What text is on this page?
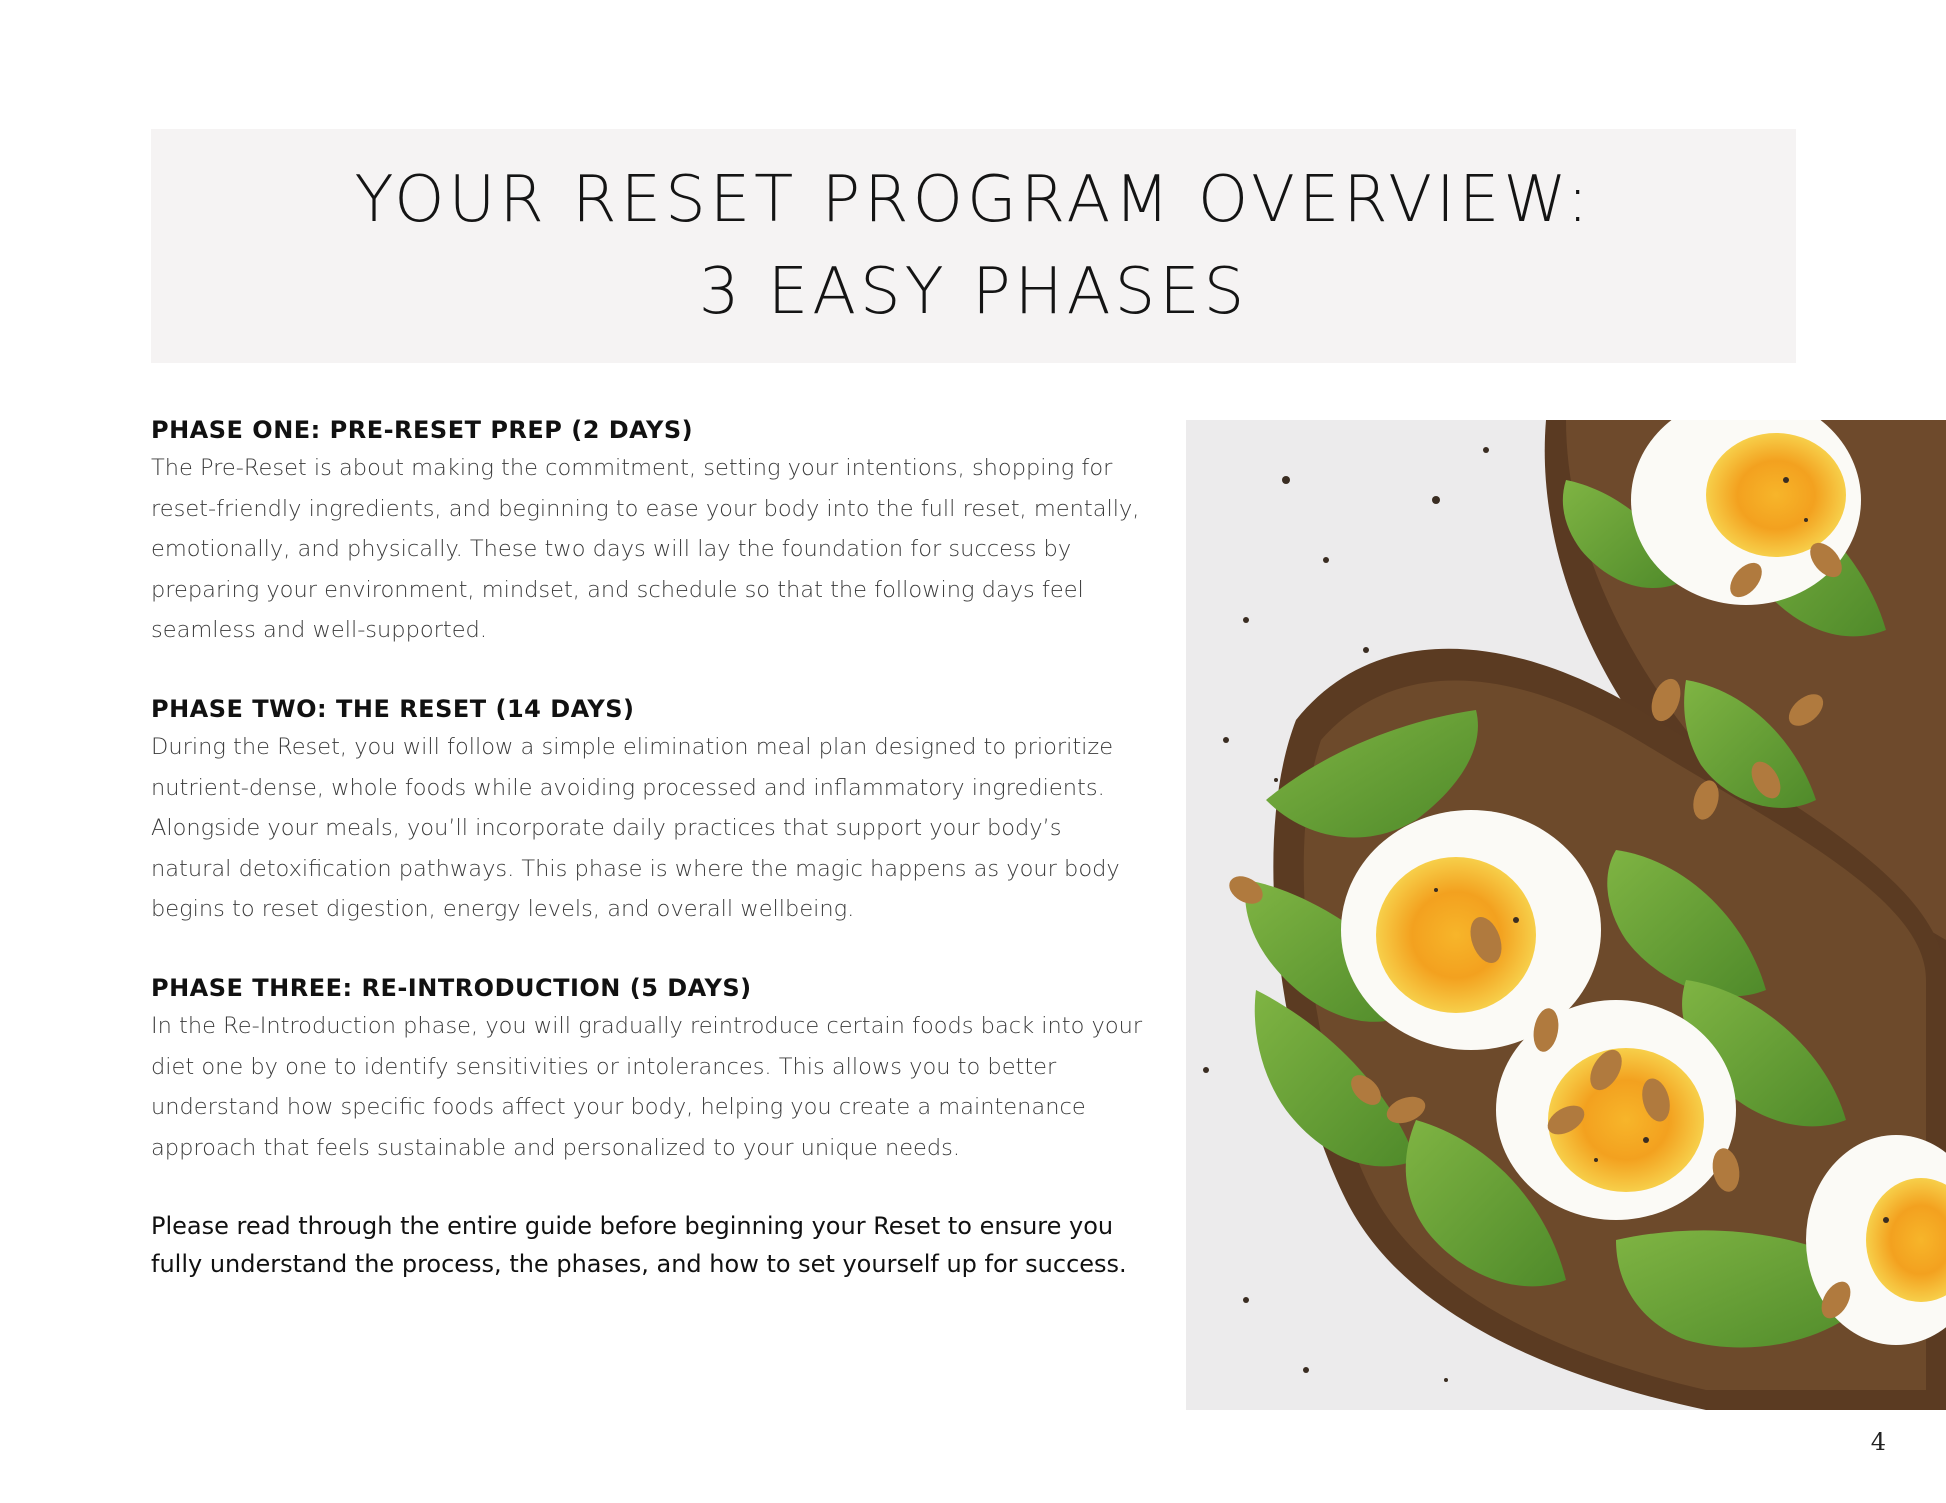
YOUR RESET PROGRAM OVERVIEW:
3 EASY PHASES
PHASE ONE: PRE-RESET PREP (2 DAYS)
The Pre-Reset is about making the commitment, setting your intentions, shopping for reset-friendly ingredients, and beginning to ease your body into the full reset, mentally, emotionally, and physically. These two days will lay the foundation for success by preparing your environment, mindset, and schedule so that the following days feel seamless and well-supported.
PHASE TWO: THE RESET (14 DAYS)
During the Reset, you will follow a simple elimination meal plan designed to prioritize nutrient-dense, whole foods while avoiding processed and inflammatory ingredients. Alongside your meals, you’ll incorporate daily practices that support your body’s natural detoxification pathways. This phase is where the magic happens as your body begins to reset digestion, energy levels, and overall wellbeing.
PHASE THREE: RE-INTRODUCTION (5 DAYS)
In the Re-Introduction phase, you will gradually reintroduce certain foods back into your diet one by one to identify sensitivities or intolerances. This allows you to better understand how specific foods affect your body, helping you create a maintenance approach that feels sustainable and personalized to your unique needs.
Please read through the entire guide before beginning your Reset to ensure you fully understand the process, the phases, and how to set yourself up for success.
4
